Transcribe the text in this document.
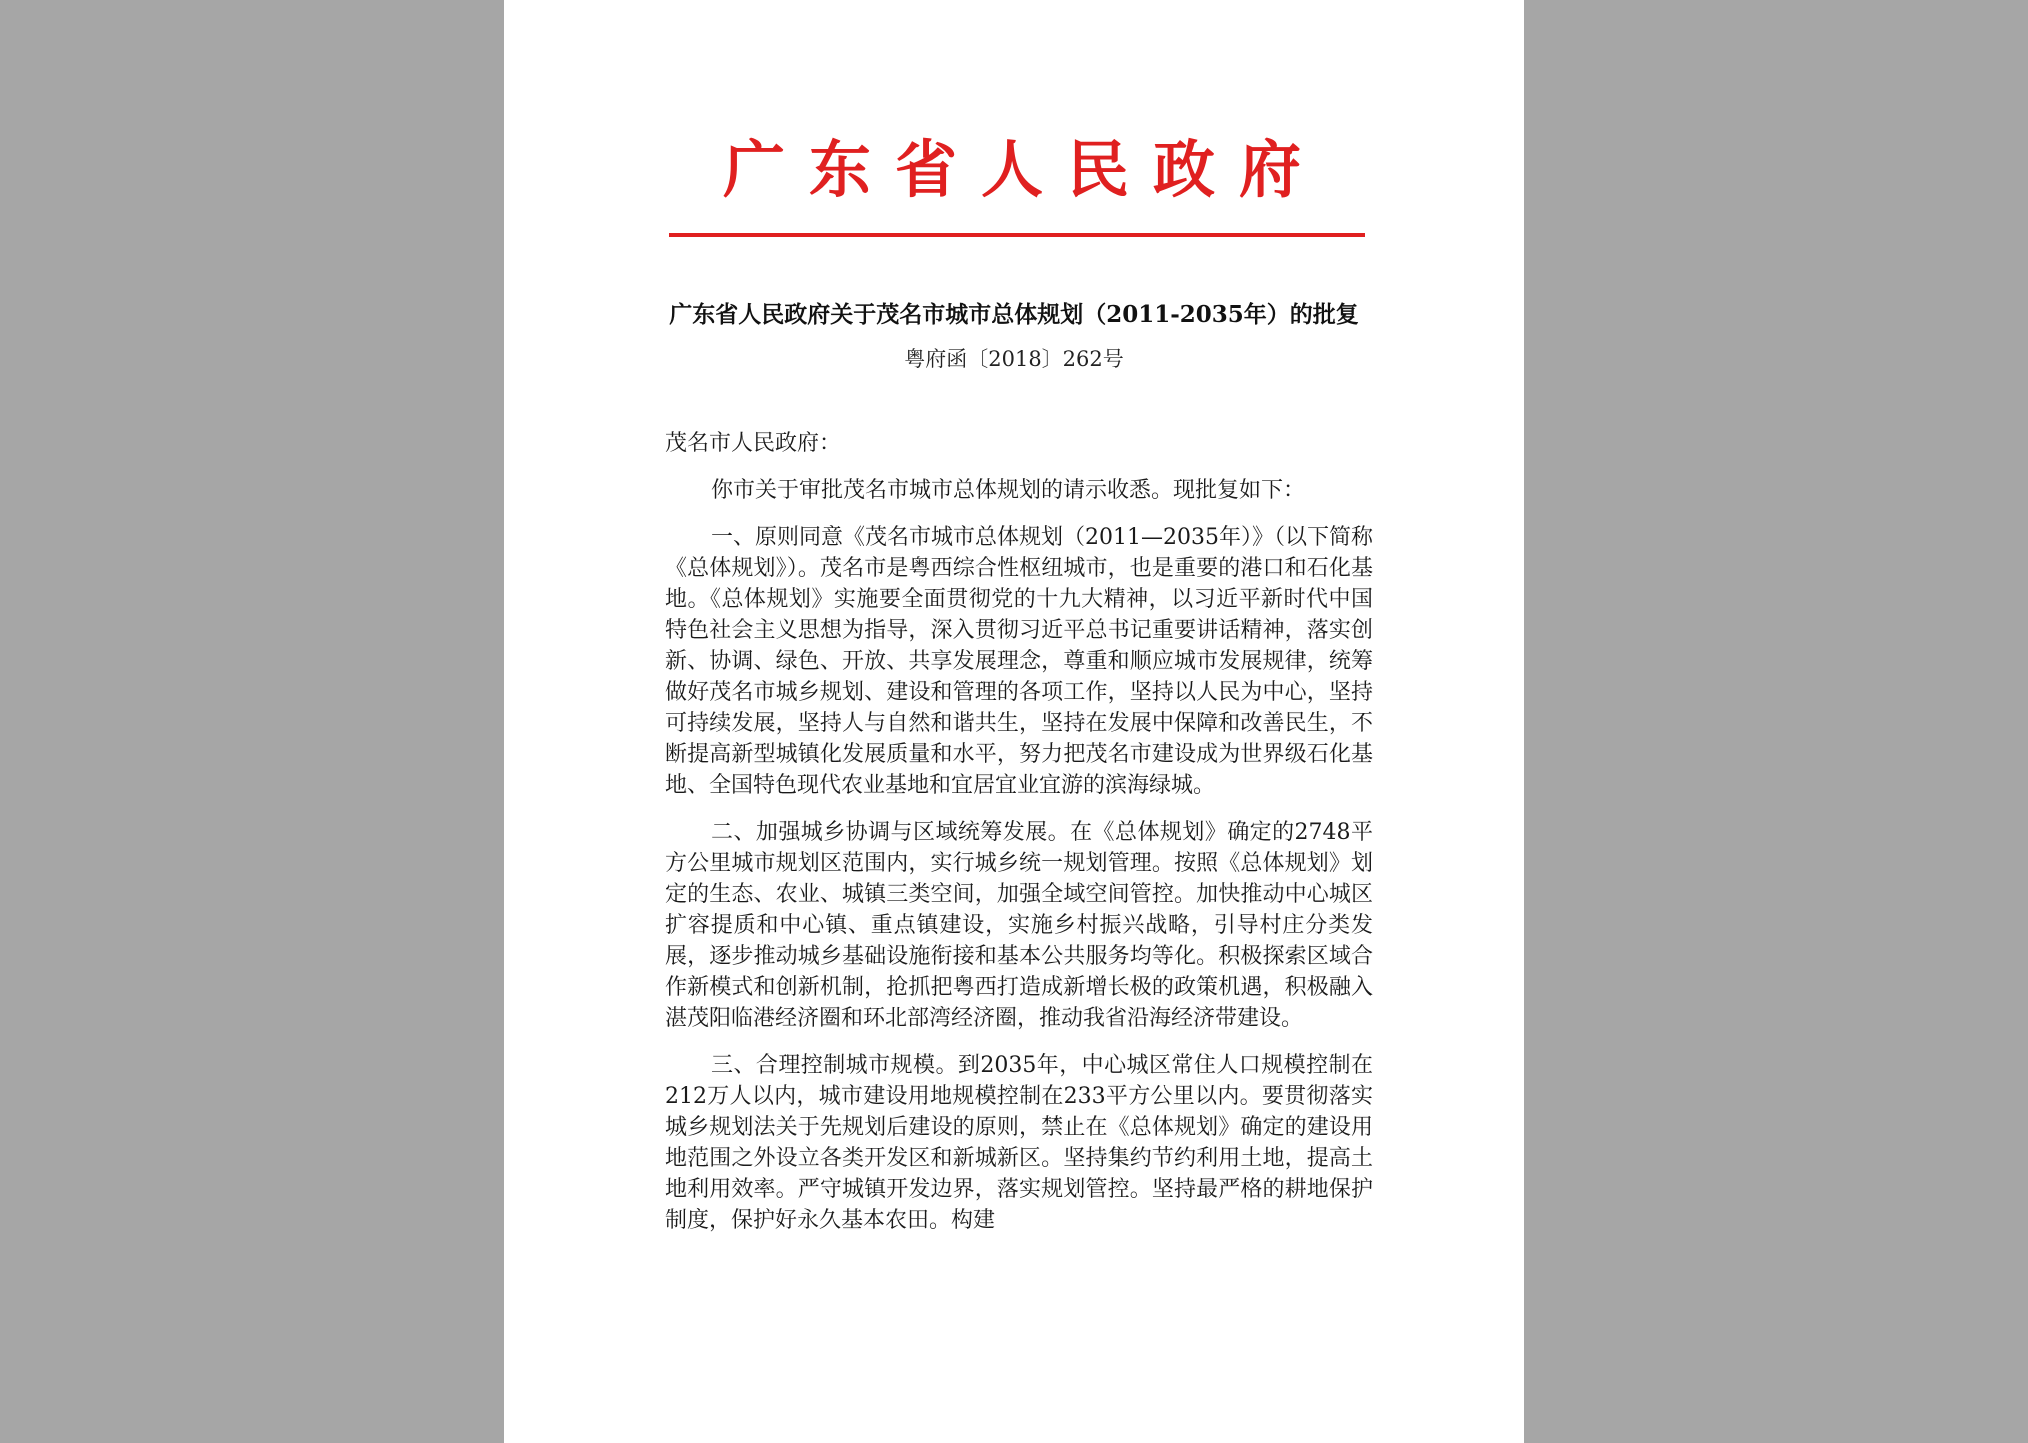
广东省人民政府
广东省人民政府关于茂名市城市总体规划（2011-2035年）的批复
粤府函〔2018〕262号

茂名市人民政府：

你市关于审批茂名市城市总体规划的请示收悉。现批复如下：

一、原则同意《茂名市城市总体规划（2011—2035年）》（以下简称《总体规划》）。茂名市是粤西综合性枢纽城市，也是重要的港口和石化基地。《总体规划》实施要全面贯彻党的十九大精神，以习近平新时代中国特色社会主义思想为指导，深入贯彻习近平总书记重要讲话精神，落实创新、协调、绿色、开放、共享发展理念，尊重和顺应城市发展规律，统筹做好茂名市城乡规划、建设和管理的各项工作，坚持以人民为中心，坚持可持续发展，坚持人与自然和谐共生，坚持在发展中保障和改善民生，不断提高新型城镇化发展质量和水平，努力把茂名市建设成为世界级石化基地、全国特色现代农业基地和宜居宜业宜游的滨海绿城。

二、加强城乡协调与区域统筹发展。在《总体规划》确定的2748平方公里城市规划区范围内，实行城乡统一规划管理。按照《总体规划》划定的生态、农业、城镇三类空间，加强全域空间管控。加快推动中心城区扩容提质和中心镇、重点镇建设，实施乡村振兴战略，引导村庄分类发展，逐步推动城乡基础设施衔接和基本公共服务均等化。积极探索区域合作新模式和创新机制，抢抓把粤西打造成新增长极的政策机遇，积极融入湛茂阳临港经济圈和环北部湾经济圈，推动我省沿海经济带建设。

三、合理控制城市规模。到2035年，中心城区常住人口规模控制在212万人以内，城市建设用地规模控制在233平方公里以内。要贯彻落实城乡规划法关于先规划后建设的原则，禁止在《总体规划》确定的建设用地范围之外设立各类开发区和新城新区。坚持集约节约利用土地，提高土地利用效率。严守城镇开发边界，落实规划管控。坚持最严格的耕地保护制度，保护好永久基本农田。构建
